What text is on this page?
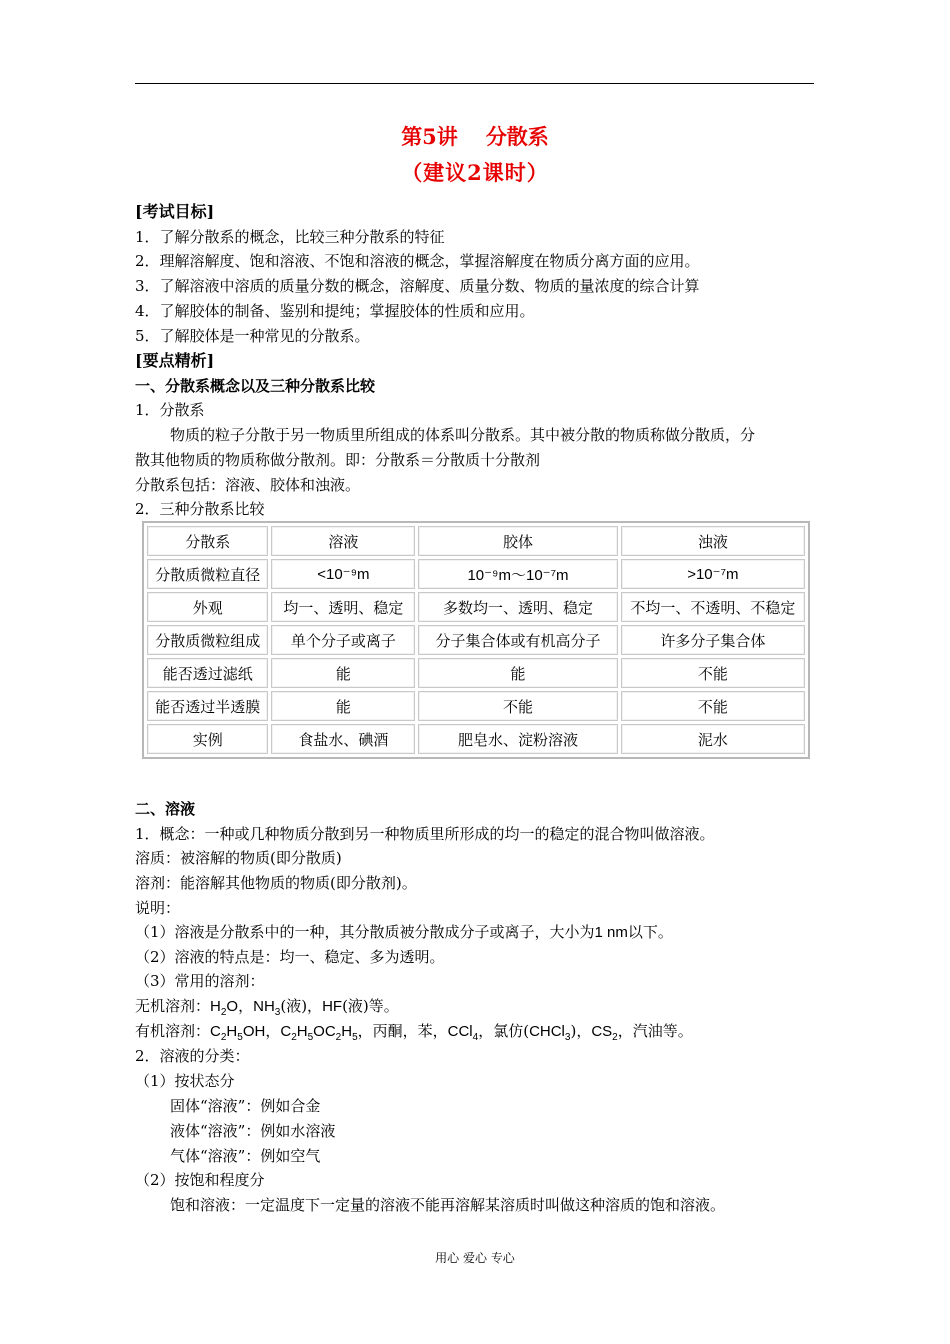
第5讲 分散系
（建议2课时）
[考试目标]
1．了解分散系的概念，比较三种分散系的特征
2．理解溶解度、饱和溶液、不饱和溶液的概念，掌握溶解度在物质分离方面的应用。
3．了解溶液中溶质的质量分数的概念，溶解度、质量分数、物质的量浓度的综合计算
4．了解胶体的制备、鉴别和提纯；掌握胶体的性质和应用。
5．了解胶体是一种常见的分散系。
[要点精析]
一、分散系概念以及三种分散系比较
1．分散系
物质的粒子分散于另一物质里所组成的体系叫分散系。其中被分散的物质称做分散质，分
散其他物质的物质称做分散剂。即：分散系＝分散质十分散剂
分散系包括：溶液、胶体和浊液。
2．三种分散系比较
分散系	溶液	胶体	浊液
分散质微粒直径	<10⁻⁹m	10⁻⁹m～10⁻⁷m	>10⁻⁷m
外观	均一、透明、稳定	多数均一、透明、稳定	不均一、不透明、不稳定
分散质微粒组成	单个分子或离子	分子集合体或有机高分子	许多分子集合体
能否透过滤纸	能	能	不能
能否透过半透膜	能	不能	不能
实例	食盐水、碘酒	肥皂水、淀粉溶液	泥水
二、溶液
1．概念：一种或几种物质分散到另一种物质里所形成的均一的稳定的混合物叫做溶液。
溶质：被溶解的物质(即分散质)
溶剂：能溶解其他物质的物质(即分散剂)。
说明：
（1）溶液是分散系中的一种，其分散质被分散成分子或离子，大小为1 nm以下。
（2）溶液的特点是：均一、稳定、多为透明。
（3）常用的溶剂：
无机溶剂：$H_2O$，$NH_3$(液)，HF(液)等。
有机溶剂：$C_2H_5OH$，$C_2H_5OC_2H_5$，丙酮，苯，CCl$_4$，氯仿(CHCl$_3$)，$CS_2$，汽油等。
2．溶液的分类：
（1）按状态分
固体“溶液”：例如合金
液体“溶液”：例如水溶液
气体“溶液”：例如空气
（2）按饱和程度分
饱和溶液：一定温度下一定量的溶液不能再溶解某溶质时叫做这种溶质的饱和溶液。
用心 爱心 专心
